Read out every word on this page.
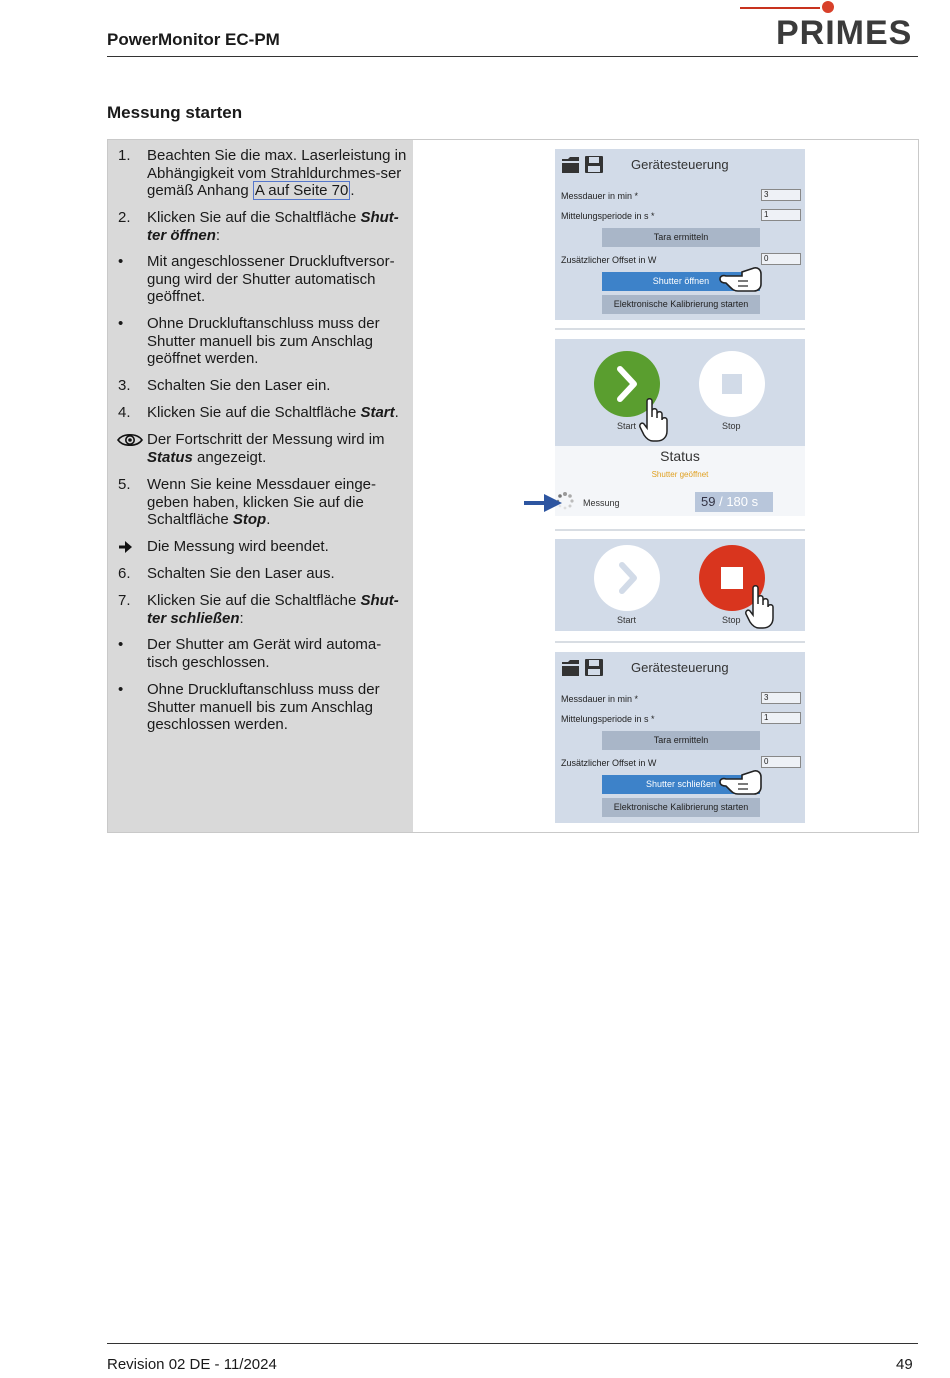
PowerMonitor EC-PM	PRIMES
Messung starten
1.	Beachten Sie die max. Laserleistung in Abhängigkeit vom Strahldurchmes-ser gemäß Anhang A auf Seite 70 .
2.	Klicken Sie auf die Schaltfläche Shut-ter öffnen:
•	Mit angeschlossener Druckluftversor-gung wird der Shutter automatisch geöffnet.
•	Ohne Druckluftanschluss muss der Shutter manuell bis zum Anschlag geöffnet werden.
3.	Schalten Sie den Laser ein.
4.	Klicken Sie auf die Schaltfläche Start.
Der Fortschritt der Messung wird im Status angezeigt.
5.	Wenn Sie keine Messdauer einge-geben haben, klicken Sie auf die Schaltfläche Stop.
Die Messung wird beendet.
6.	Schalten Sie den Laser aus.
7.	Klicken Sie auf die Schaltfläche Shut-ter schließen:
•	Der Shutter am Gerät wird automa-tisch geschlossen.
•	Ohne Druckluftanschluss muss der Shutter manuell bis zum Anschlag geschlossen werden.
Gerätesteuerung
Messdauer in min *	3
Mittelungsperiode in s *	1
Tara ermitteln
Zusätzlicher Offset in W	0
Shutter öffnen
Elektronische Kalibrierung starten
Start	Stop
Status
Shutter geöffnet
Messung	59 / 180 s
Start	Stop
Gerätesteuerung
Messdauer in min *	3
Mittelungsperiode in s *	1
Tara ermitteln
Zusätzlicher Offset in W	0
Shutter schließen
Elektronische Kalibrierung starten
Revision 02 DE - 11/2024	49
